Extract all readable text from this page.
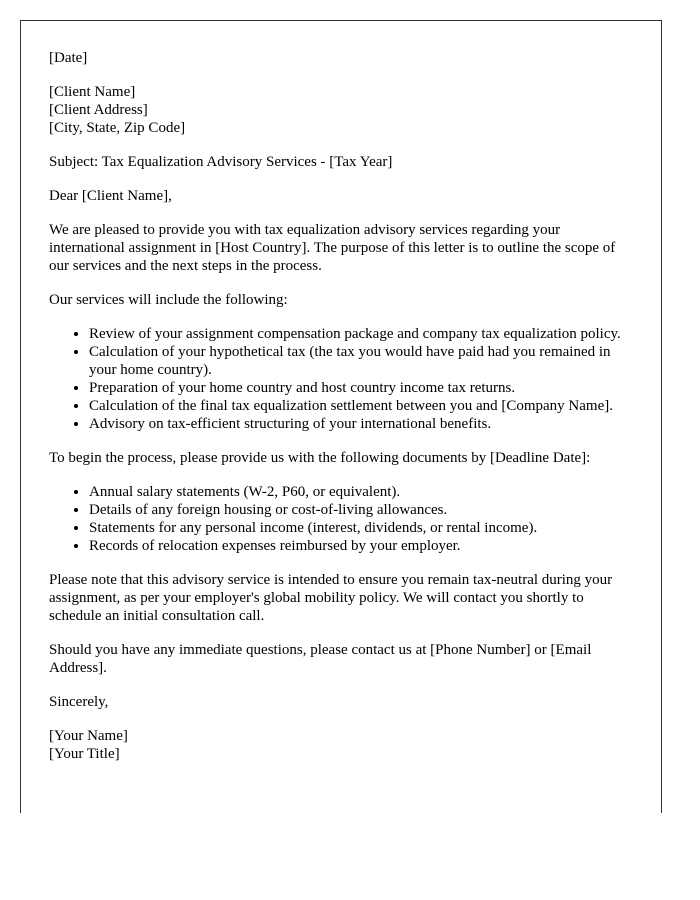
[Date]

[Client Name]
[Client Address]
[City, State, Zip Code]

Subject: Tax Equalization Advisory Services - [Tax Year]

Dear [Client Name],

We are pleased to provide you with tax equalization advisory services regarding your international assignment in [Host Country]. The purpose of this letter is to outline the scope of our services and the next steps in the process.

Our services will include the following:

• Review of your assignment compensation package and company tax equalization policy.
• Calculation of your hypothetical tax (the tax you would have paid had you remained in your home country).
• Preparation of your home country and host country income tax returns.
• Calculation of the final tax equalization settlement between you and [Company Name].
• Advisory on tax-efficient structuring of your international benefits.

To begin the process, please provide us with the following documents by [Deadline Date]:

• Annual salary statements (W-2, P60, or equivalent).
• Details of any foreign housing or cost-of-living allowances.
• Statements for any personal income (interest, dividends, or rental income).
• Records of relocation expenses reimbursed by your employer.

Please note that this advisory service is intended to ensure you remain tax-neutral during your assignment, as per your employer's global mobility policy. We will contact you shortly to schedule an initial consultation call.

Should you have any immediate questions, please contact us at [Phone Number] or [Email Address].

Sincerely,

[Your Name]
[Your Title]
